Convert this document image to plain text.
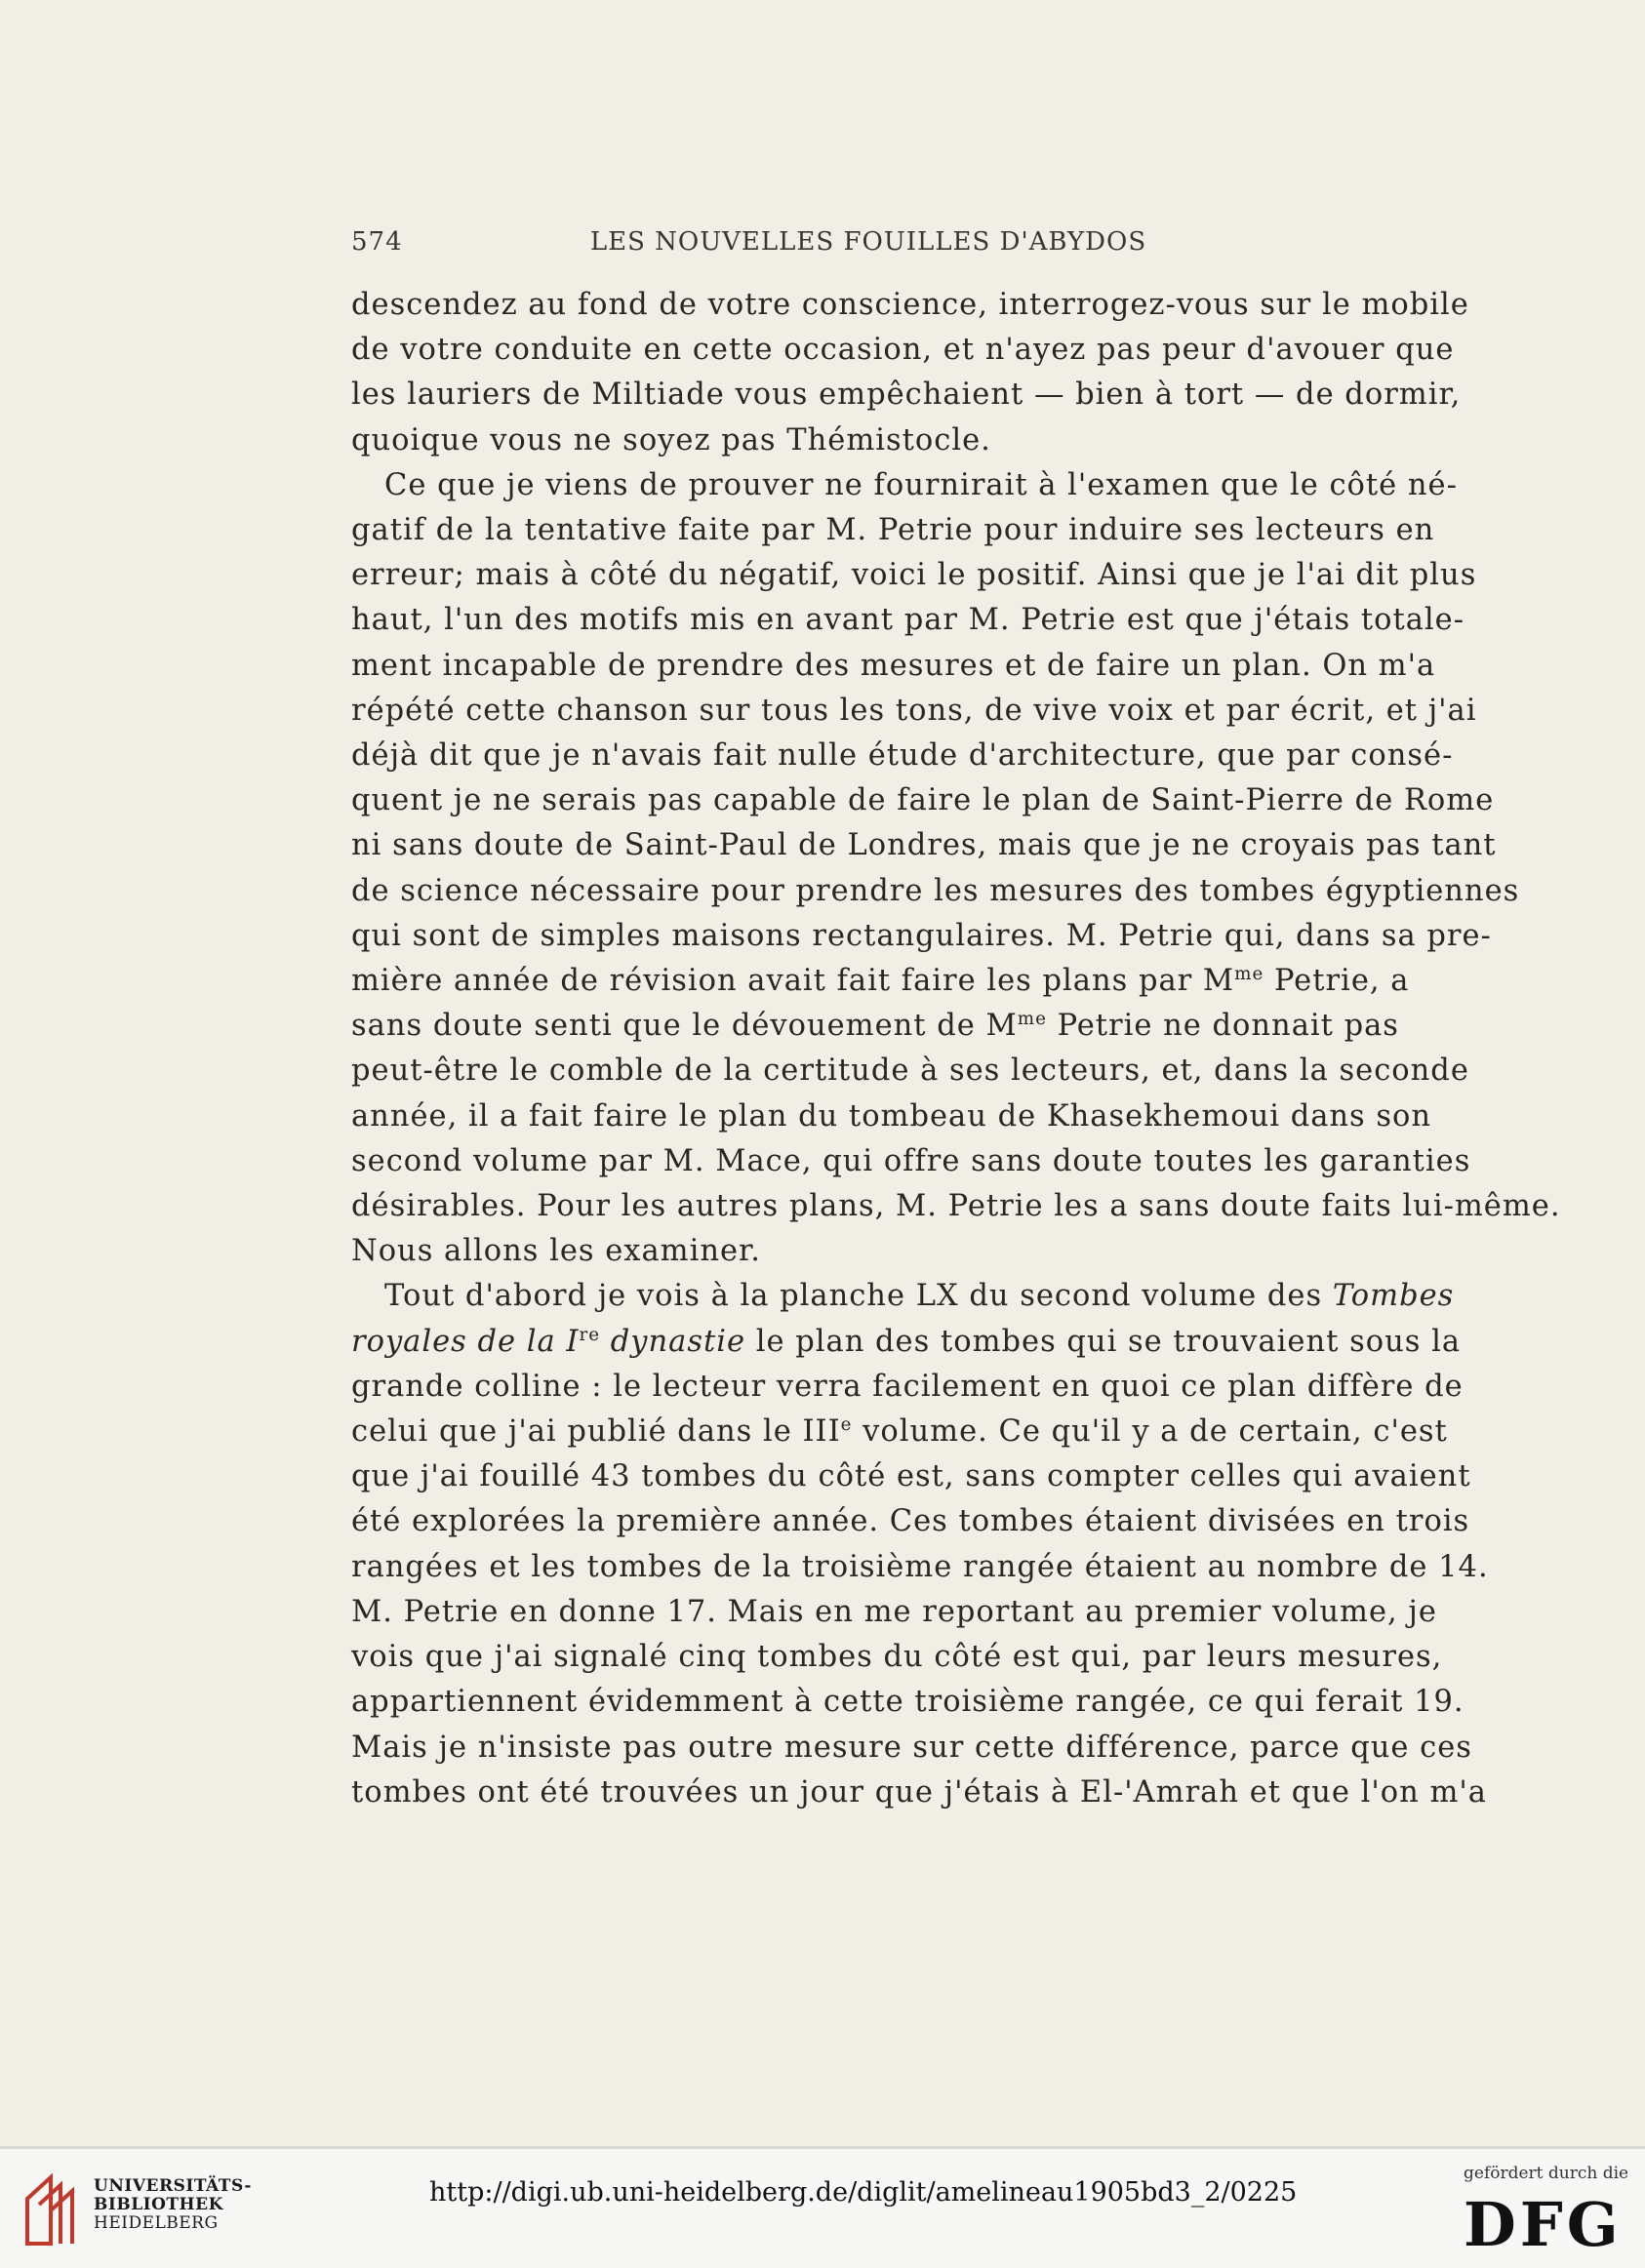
574	LES NOUVELLES FOUILLES D'ABYDOS
descendez au fond de votre conscience, interrogez-vous sur le mobile
de votre conduite en cette occasion, et n'ayez pas peur d'avouer que
les lauriers de Miltiade vous empêchaient — bien à tort — de dormir,
quoique vous ne soyez pas Thémistocle.
Ce que je viens de prouver ne fournirait à l'examen que le côté né-
gatif de la tentative faite par M. Petrie pour induire ses lecteurs en
erreur; mais à côté du négatif, voici le positif. Ainsi que je l'ai dit plus
haut, l'un des motifs mis en avant par M. Petrie est que j'étais totale-
ment incapable de prendre des mesures et de faire un plan. On m'a
répété cette chanson sur tous les tons, de vive voix et par écrit, et j'ai
déjà dit que je n'avais fait nulle étude d'architecture, que par consé-
quent je ne serais pas capable de faire le plan de Saint-Pierre de Rome
ni sans doute de Saint-Paul de Londres, mais que je ne croyais pas tant
de science nécessaire pour prendre les mesures des tombes égyptiennes
qui sont de simples maisons rectangulaires. M. Petrie qui, dans sa pre-
mière année de révision avait fait faire les plans par $M^{me}$ Petrie, a
sans doute senti que le dévouement de $M^{me}$ Petrie ne donnait pas
peut-être le comble de la certitude à ses lecteurs, et, dans la seconde
année, il a fait faire le plan du tombeau de Khasekhemoui dans son
second volume par M. Mace, qui offre sans doute toutes les garanties
désirables. Pour les autres plans, M. Petrie les a sans doute faits lui-même.
Nous allons les examiner.
Tout d'abord je vois à la planche LX du second volume des Tombes
royales de la Ire dynastie le plan des tombes qui se trouvaient sous la
grande colline : le lecteur verra facilement en quoi ce plan diffère de
celui que j'ai publié dans le IIIe volume. Ce qu'il y a de certain, c'est
que j'ai fouillé 43 tombes du côté est, sans compter celles qui avaient
été explorées la première année. Ces tombes étaient divisées en trois
rangées et les tombes de la troisième rangée étaient au nombre de 14.
M. Petrie en donne 17. Mais en me reportant au premier volume, je
vois que j'ai signalé cinq tombes du côté est qui, par leurs mesures,
appartiennent évidemment à cette troisième rangée, ce qui ferait 19.
Mais je n'insiste pas outre mesure sur cette différence, parce que ces
tombes ont été trouvées un jour que j'étais à El-'Amrah et que l'on m'a
UNIVERSITÄTS-
BIBLIOTHEK
HEIDELBERG
http://digi.ub.uni-heidelberg.de/diglit/amelineau1905bd3_2/0225
gefördert durch die
DFG
